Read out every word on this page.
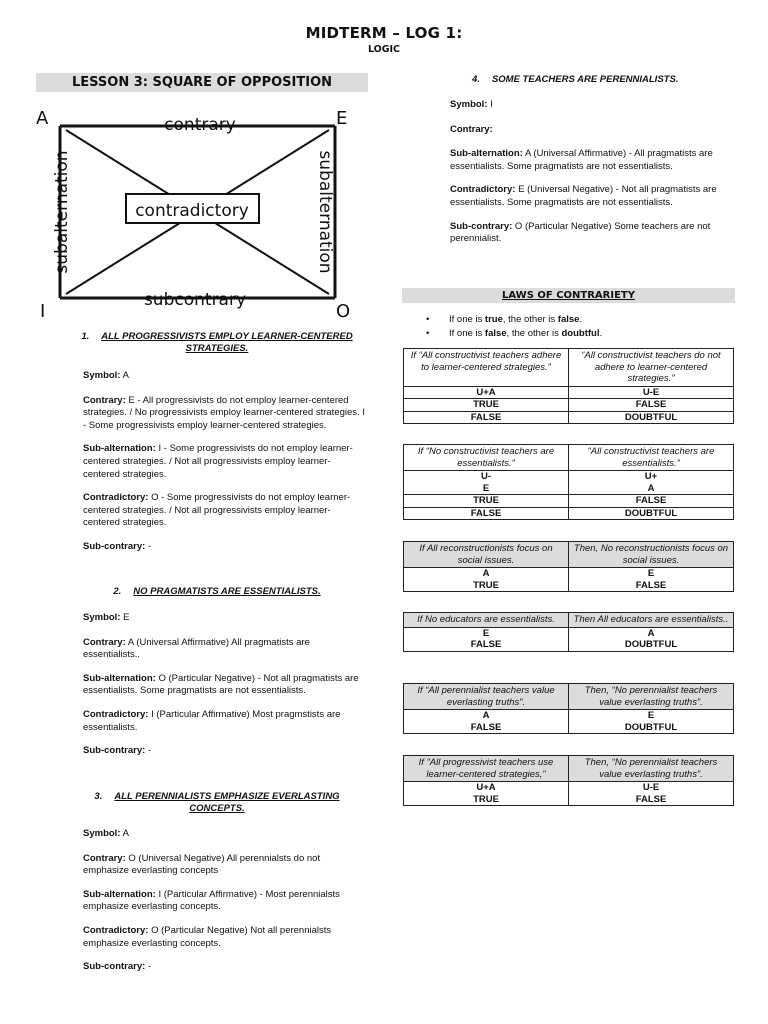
MIDTERM – LOG 1:
LOGIC
LESSON 3: SQUARE OF OPPOSITION
contradictory
contrary
subcontrary
A	E
I	O
subalternation	subalternation

1. ALL PROGRESSIVISTS EMPLOY LEARNER-CENTERED STRATEGIES.

Symbol: A

Contrary: E - All progressivists do not employ learner-centered strategies. / No progressivists employ learner-centered strategies. I - Some progressivists employ learner-centered strategies.

Sub-alternation: I - Some progressivists do not employ learner-centered strategies. / Not all progressivists employ learner-centered strategies.

Contradictory: O - Some progressivists do not employ learner-centered strategies. / Not all progressivists employ learner-centered strategies.

Sub-contrary: -

2. NO PRAGMATISTS ARE ESSENTIALISTS.

Symbol: E

Contrary: A (Universal Affirmative) All pragmatists are essentialists..

Sub-alternation: O (Particular Negative) - Not all pragmatists are essentialists. Some pragmatists are not essentialists.

Contradictory: I (Particular Affirmative) Most pragmstists are essentialists.

Sub-contrary: -

3. ALL PERENNIALISTS EMPHASIZE EVERLASTING CONCEPTS.

Symbol: A

Contrary: O (Universal Negative) All perennialsts do not emphasize everlasting concepts

Sub-alternation: I (Particular Affirmative) - Most perennialsts emphasize everlasting concepts.

Contradictory: O (Particular Negative) Not all perennialsts emphasize everlasting concepts.

Sub-contrary: -

4. SOME TEACHERS ARE PERENNIALISTS.

Symbol: I

Contrary:

Sub-alternation: A (Universal Affirmative) - All pragmatists are essentialists. Some pragmatists are not essentialists.

Contradictory: E (Universal Negative) - Not all pragmatists are essentialists. Some pragmatists are not essentialists.

Sub-contrary: O (Particular Negative) Some teachers are not perennialist.

LAWS OF CONTRARIETY
• If one is true, the other is false.
• If one is false, the other is doubtful.
If “All constructivist teachers adhere to learner-centered strategies.”	“All constructivist teachers do not adhere to learner-centered strategies.”
U+A	U-E
TRUE	FALSE
FALSE	DOUBTFUL
If “No constructivist teachers are essentialists.”	“All constructivist teachers are essentialists.”
U-	U+
E	A
TRUE	FALSE
FALSE	DOUBTFUL
If All reconstructionists focus on social issues.	Then, No reconstructionists focus on social issues.
A	E
TRUE	FALSE
If No educators are essentialists.	Then All educators are essentialists..
E	A
FALSE	DOUBTFUL
If “All perennialist teachers value everlasting truths”.	Then, “No perennialist teachers value everlasting truths”.
A	E
FALSE	DOUBTFUL
If “All progressivist teachers use learner-centered strategies,”	Then, “No perennialist teachers value everlasting truths”.
U+A	U-E
TRUE	FALSE
